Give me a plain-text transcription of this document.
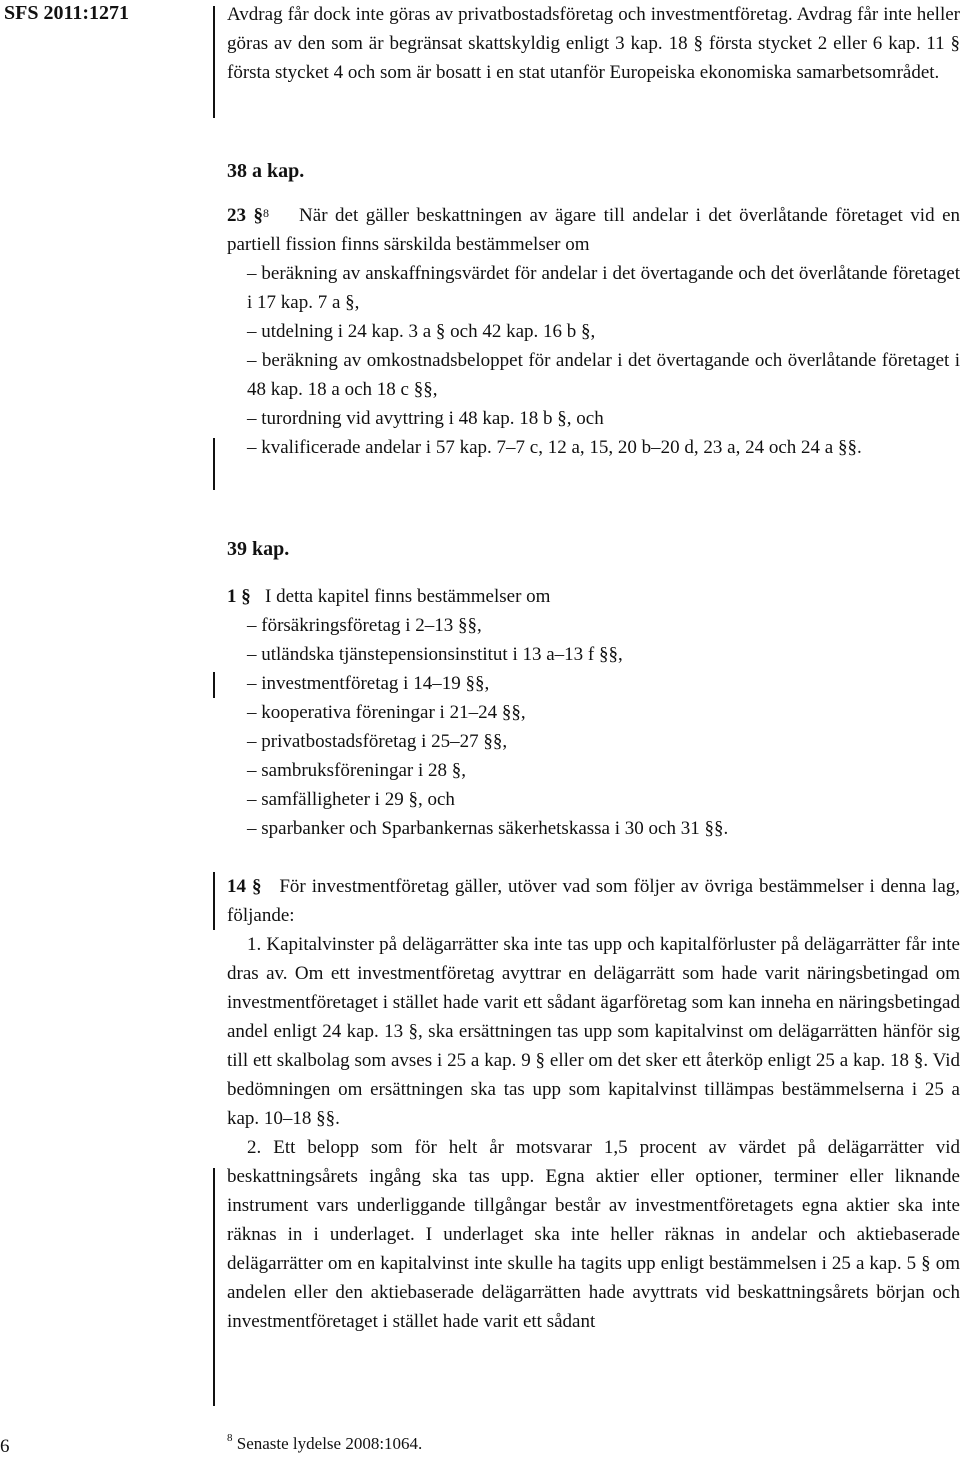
SFS 2011:1271	Avdrag får dock inte göras av privatbostadsföretag och investmentföretag. Avdrag får inte heller göras av den som är begränsat skattskyldig enligt 3 kap. 18 § första stycket 2 eller 6 kap. 11 § första stycket 4 och som är bosatt i en stat utanför Europeiska ekonomiska samarbetsområdet.

38 a kap.

23 §$^8$ När det gäller beskattningen av ägare till andelar i det överlåtande företaget vid en partiell fission finns särskilda bestämmelser om

– beräkning av anskaffningsvärdet för andelar i det övertagande och det överlåtande företaget i 17 kap. 7 a §,

– utdelning i 24 kap. 3 a § och 42 kap. 16 b §,

– beräkning av omkostnadsbeloppet för andelar i det övertagande och överlåtande företaget i 48 kap. 18 a och 18 c §§,

– turordning vid avyttring i 48 kap. 18 b §, och

– kvalificerade andelar i 57 kap. 7–7 c, 12 a, 15, 20 b–20 d, 23 a, 24 och 24 a §§.

39 kap.

1 § I detta kapitel finns bestämmelser om

– försäkringsföretag i 2–13 §§,

– utländska tjänstepensionsinstitut i 13 a–13 f §§,

– investmentföretag i 14–19 §§,

– kooperativa föreningar i 21–24 §§,

– privatbostadsföretag i 25–27 §§,

– sambruksföreningar i 28 §,

– samfälligheter i 29 §, och

– sparbanker och Sparbankernas säkerhetskassa i 30 och 31 §§.

14 § För investmentföretag gäller, utöver vad som följer av övriga bestämmelser i denna lag, följande:

1. Kapitalvinster på delägarrätter ska inte tas upp och kapitalförluster på delägarrätter får inte dras av. Om ett investmentföretag avyttrar en delägarrätt som hade varit näringsbetingad om investmentföretaget i stället hade varit ett sådant ägarföretag som kan inneha en näringsbetingad andel enligt 24 kap. 13 §, ska ersättningen tas upp som kapitalvinst om delägarrätten hänför sig till ett skalbolag som avses i 25 a kap. 9 § eller om det sker ett återköp enligt 25 a kap. 18 §. Vid bedömningen om ersättningen ska tas upp som kapitalvinst tillämpas bestämmelserna i 25 a kap. 10–18 §§.

2. Ett belopp som för helt år motsvarar 1,5 procent av värdet på delägarrätter vid beskattningsårets ingång ska tas upp. Egna aktier eller optioner, terminer eller liknande instrument vars underliggande tillgångar består av investmentföretagets egna aktier ska inte räknas in i underlaget. I underlaget ska inte heller räknas in andelar och aktiebaserade delägarrätter om en kapitalvinst inte skulle ha tagits upp enligt bestämmelsen i 25 a kap. 5 § om andelen eller den aktiebaserade delägarrätten hade avyttrats vid beskattningsårets början och investmentföretaget i stället hade varit ett sådant

$^8$ Senaste lydelse 2008:1064.
6
